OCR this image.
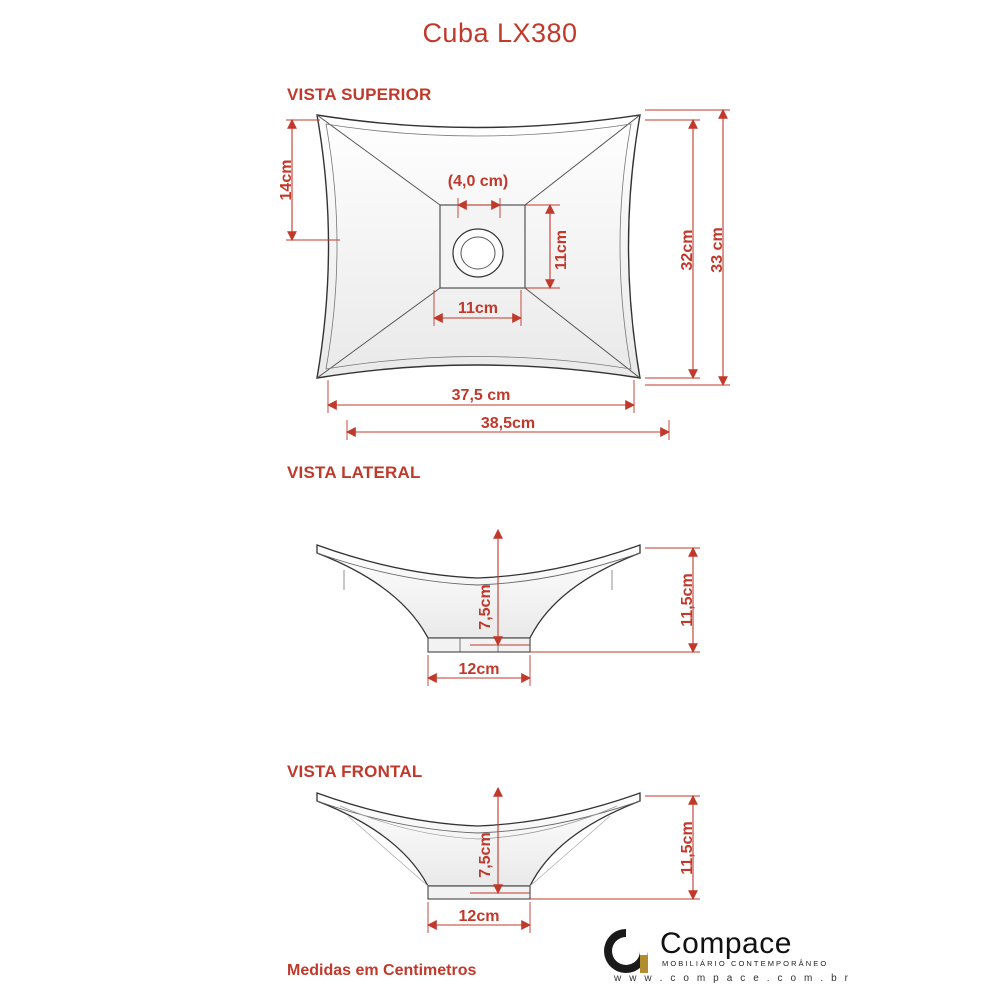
Cuba LX380
VISTA SUPERIOR
VISTA LATERAL
VISTA FRONTAL
Medidas em Centimetros
14cm	(4,0 cm)
11cm
11cm
32cm 33 cm
37,5 cm
38,5cm
7,5cm	11,5cm
12cm
7,5cm	11,5cm
12cm
Compace
MOBILIÁRIO CONTEMPORÂNEO
w w w . c o m p a c e . c o m . b r
